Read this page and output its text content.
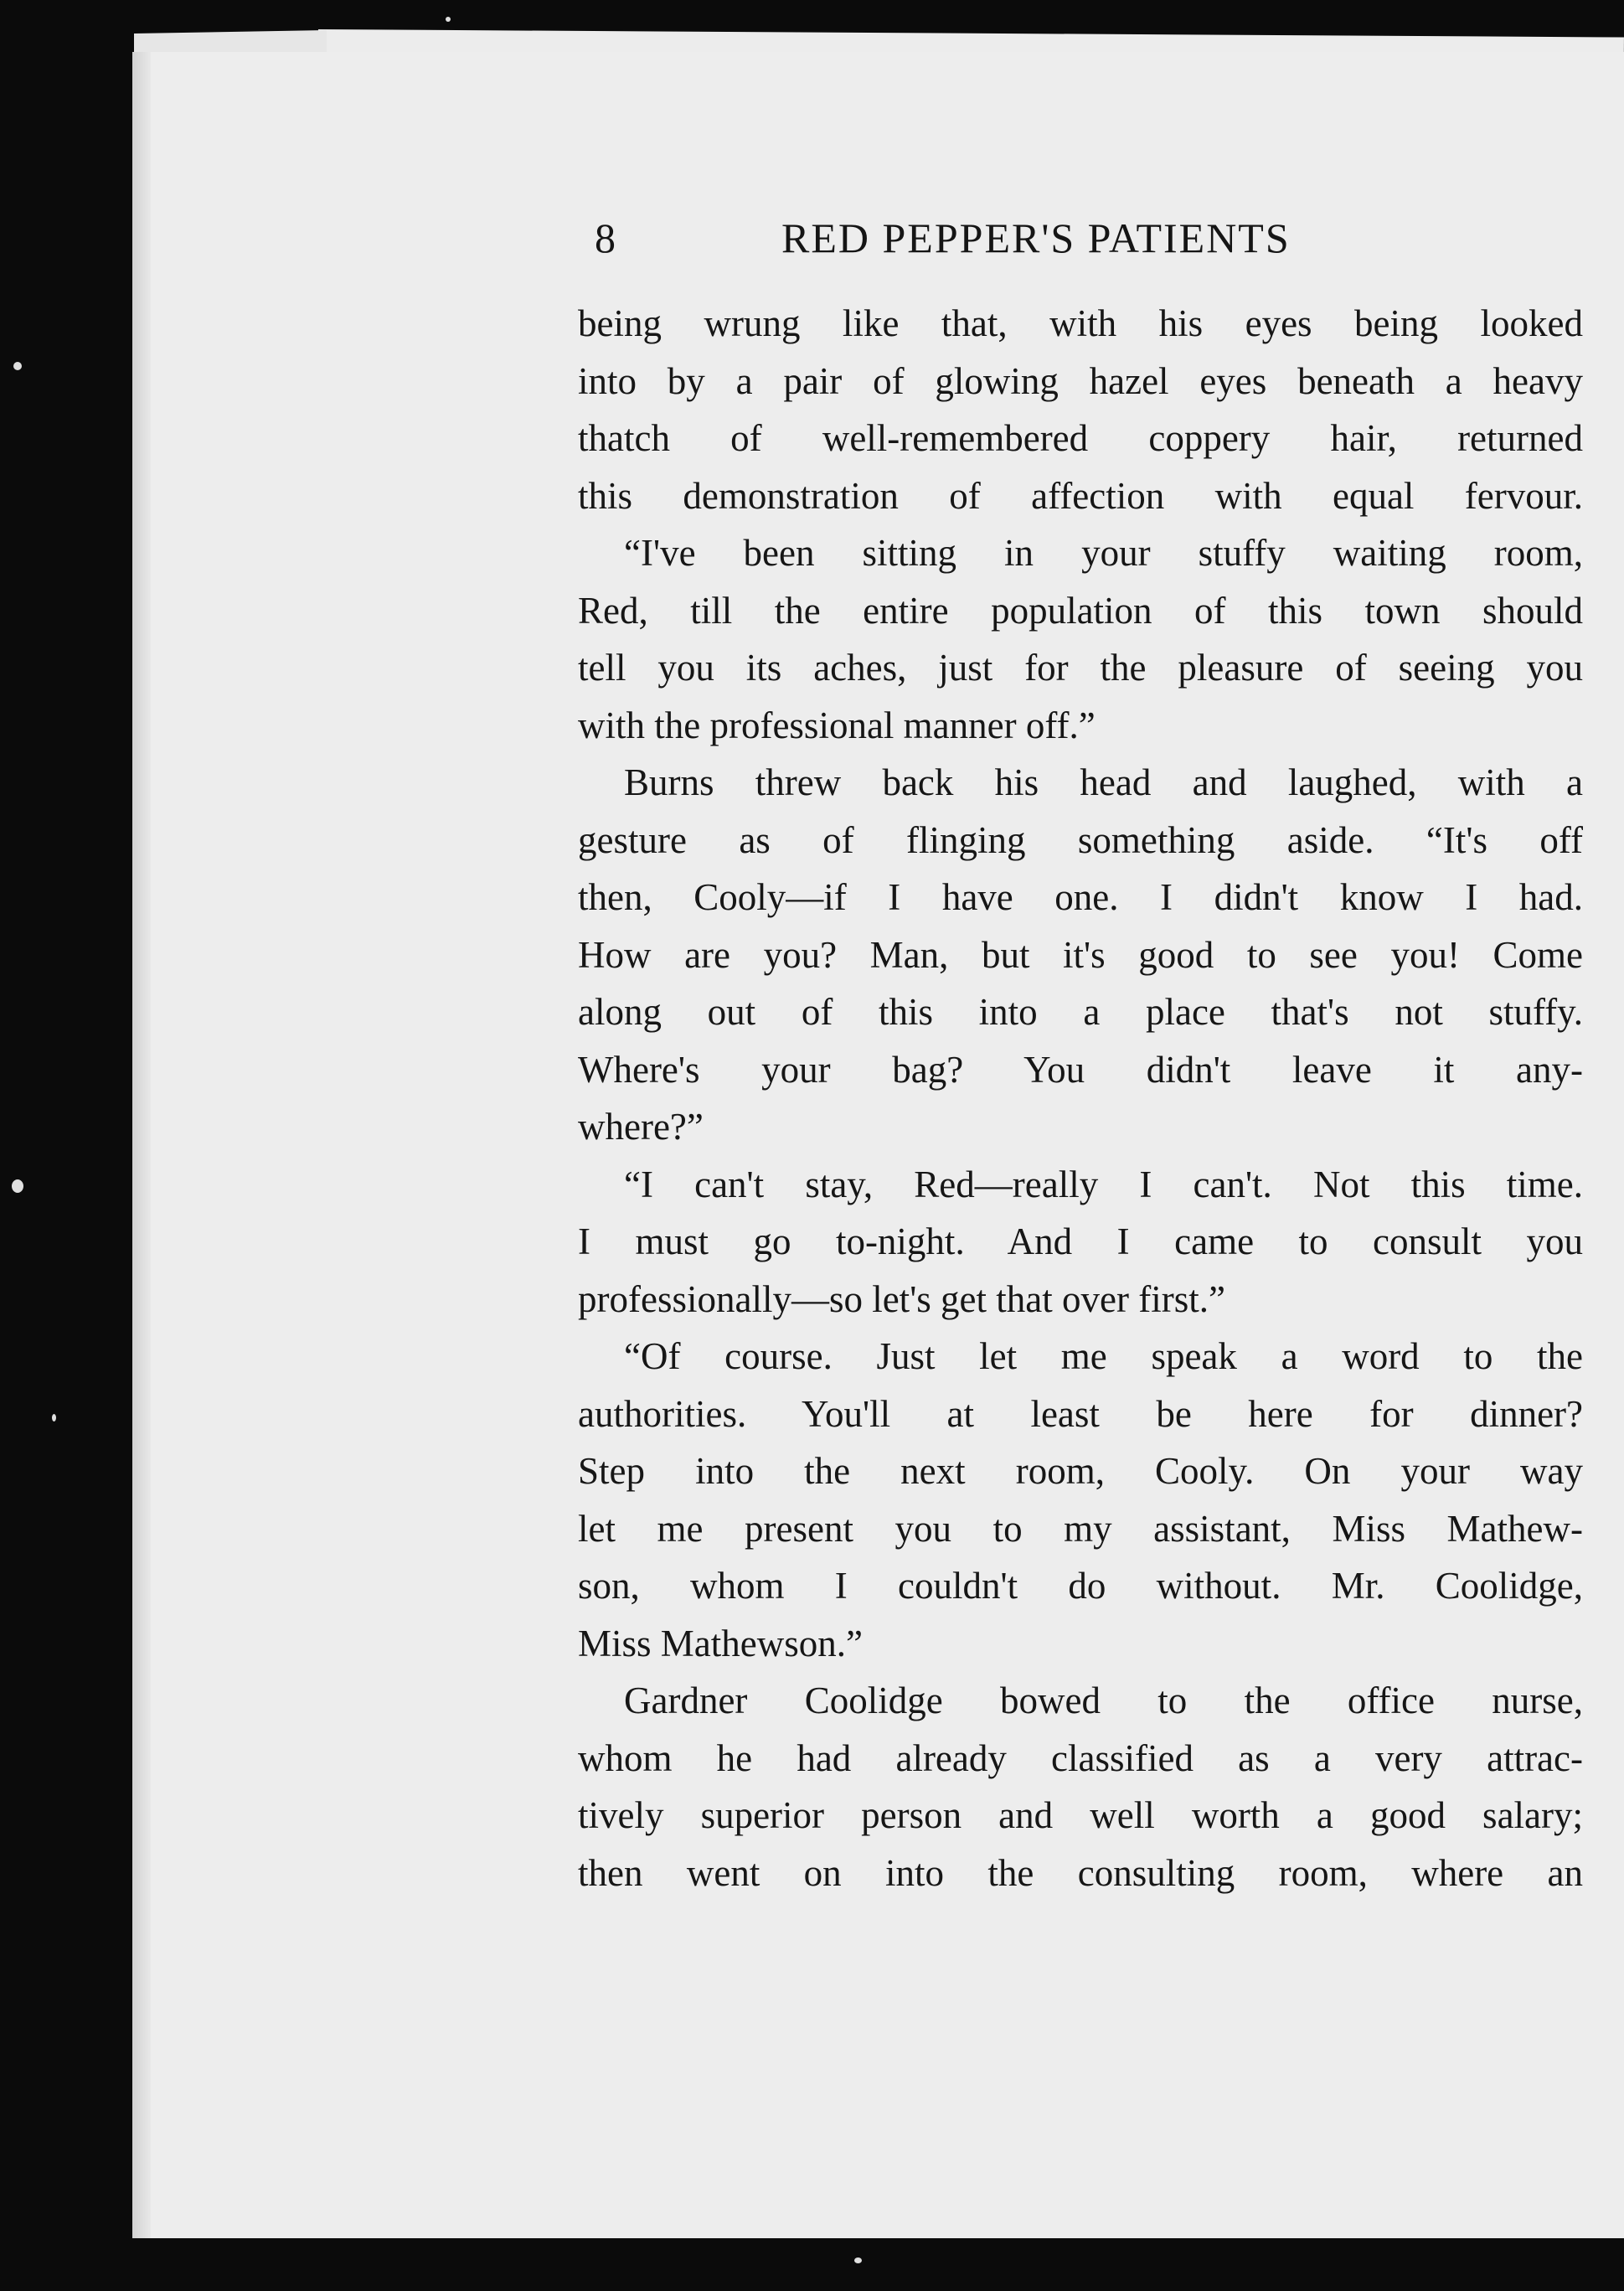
8	RED PEPPER'S PATIENTS
being wrung like that, with his eyes being looked
into by a pair of glowing hazel eyes beneath a heavy
thatch of well-remembered coppery hair, returned
this demonstration of affection with equal fervour.
“I've been sitting in your stuffy waiting room,
Red, till the entire population of this town should
tell you its aches, just for the pleasure of seeing you
with the professional manner off.”
Burns threw back his head and laughed, with a
gesture as of flinging something aside. “It's off
then, Cooly—if I have one. I didn't know I had.
How are you? Man, but it's good to see you! Come
along out of this into a place that's not stuffy.
Where's your bag? You didn't leave it any-
where?”
“I can't stay, Red—really I can't. Not this time.
I must go to-night. And I came to consult you
professionally—so let's get that over first.”
“Of course. Just let me speak a word to the
authorities. You'll at least be here for dinner?
Step into the next room, Cooly. On your way
let me present you to my assistant, Miss Mathew-
son, whom I couldn't do without. Mr. Coolidge,
Miss Mathewson.”
Gardner Coolidge bowed to the office nurse,
whom he had already classified as a very attrac-
tively superior person and well worth a good salary;
then went on into the consulting room, where an
